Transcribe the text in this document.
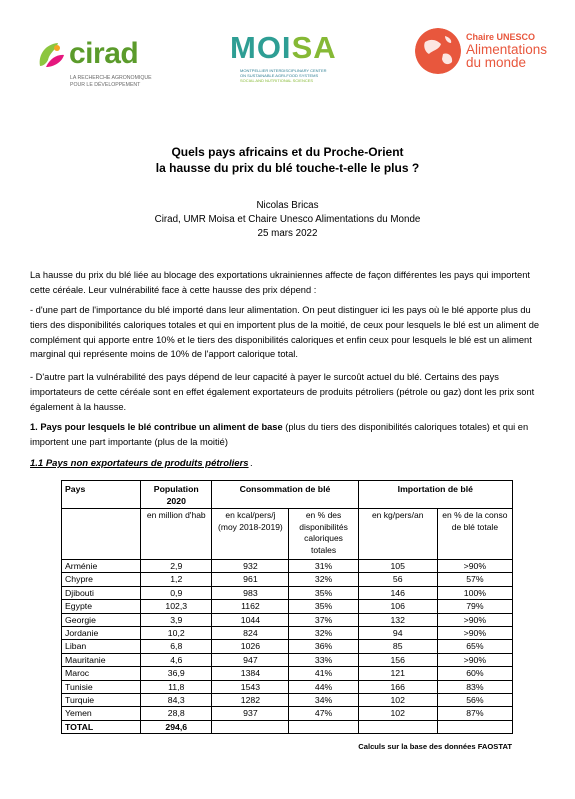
cirad
LA RECHERCHE AGRONOMIQUE
POUR LE DÉVELOPPEMENT
MOISA
MONTPELLIER INTERDISCIPLINARY CENTER
ON SUSTAINABLE AGRI-FOOD SYSTEMS
SOCIAL AND NUTRITIONAL SCIENCES
Chaire UNESCO
Alimentations du monde
Quels pays africains et du Proche-Orient
la hausse du prix du blé touche-t-elle le plus ?
Nicolas Bricas
Cirad, UMR Moisa et Chaire Unesco Alimentations du Monde
25 mars 2022
La hausse du prix du blé liée au blocage des exportations ukrainiennes affecte de façon différentes les pays qui importent cette céréale. Leur vulnérabilité face à cette hausse des prix dépend :
- d'une part de l'importance du blé importé dans leur alimentation. On peut distinguer ici les pays où le blé apporte plus du tiers des disponibilités caloriques totales et qui en importent plus de la moitié, de ceux pour lesquels le blé est un aliment de complément qui apporte entre 10% et le tiers des disponibilités caloriques et enfin ceux pour lesquels le blé est un aliment marginal qui représente moins de 10% de l'apport calorique total.
- D'autre part la vulnérabilité des pays dépend de leur capacité à payer le surcoût actuel du blé. Certains des pays importateurs de cette céréale sont en effet également exportateurs de produits pétroliers (pétrole ou gaz) dont les prix sont également à la hausse.
1. Pays pour lesquels le blé contribue un aliment de base (plus du tiers des disponibilités caloriques totales) et qui en importent une part importante (plus de la moitié)
1.1 Pays non exportateurs de produits pétroliers .
Pays	Population 2020	Consommation de blé		Importation de blé	
	en million d'hab	en kcal/pers/j (moy 2018-2019)	en % des disponibilités caloriques totales	en kg/pers/an	en % de la conso de blé totale
Arménie	2,9	932	31%	105	>90%
Chypre	1,2	961	32%	56	57%
Djibouti	0,9	983	35%	146	100%
Egypte	102,3	1162	35%	106	79%
Georgie	3,9	1044	37%	132	>90%
Jordanie	10,2	824	32%	94	>90%
Liban	6,8	1026	36%	85	65%
Mauritanie	4,6	947	33%	156	>90%
Maroc	36,9	1384	41%	121	60%
Tunisie	11,8	1543	44%	166	83%
Turquie	84,3	1282	34%	102	56%
Yemen	28,8	937	47%	102	87%
TOTAL	294,6				
Calculs sur la base des données FAOSTAT
